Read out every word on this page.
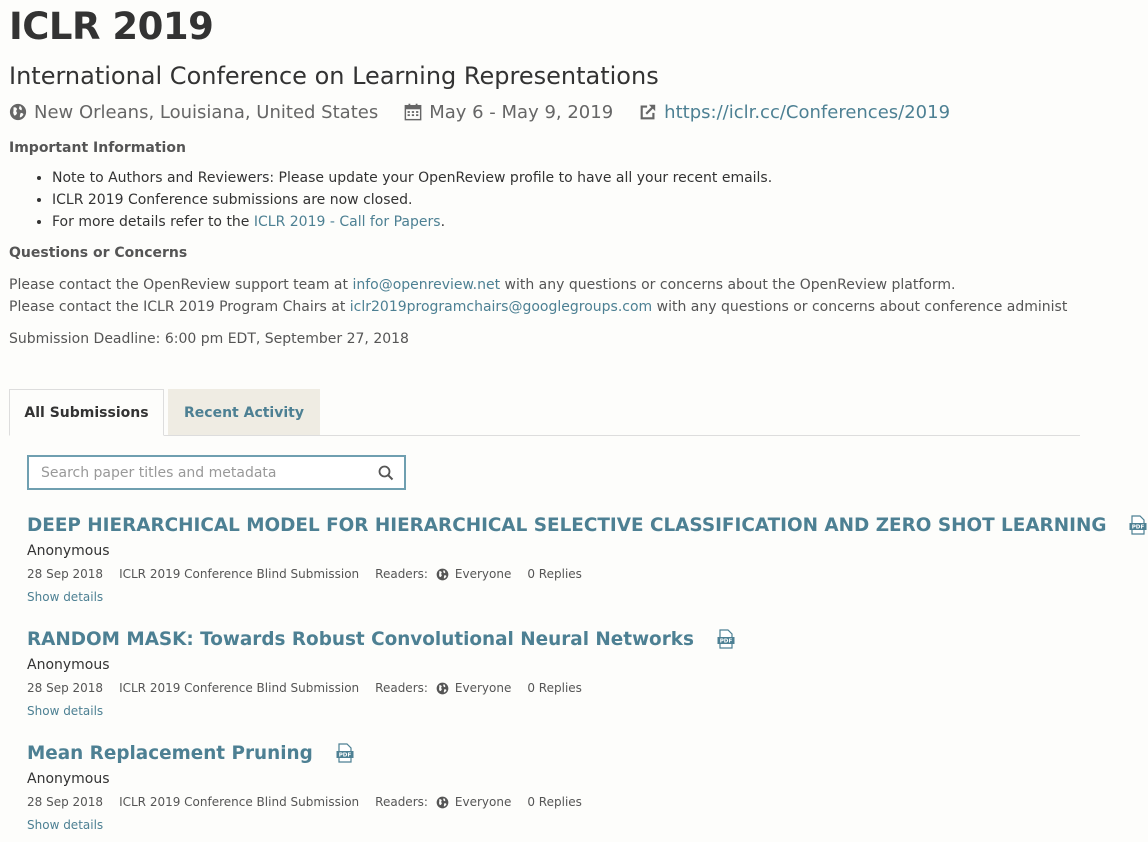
ICLR 2019
International Conference on Learning Representations
New Orleans, Louisiana, United States	May 6 - May 9, 2019	https://iclr.cc/Conferences/2019
Important Information
• Note to Authors and Reviewers: Please update your OpenReview profile to have all your recent emails.
• ICLR 2019 Conference submissions are now closed.
• For more details refer to the ICLR 2019 - Call for Papers.
Questions or Concerns
Please contact the OpenReview support team at info@openreview.net with any questions or concerns about the OpenReview platform.
Please contact the ICLR 2019 Program Chairs at iclr2019programchairs@googlegroups.com with any questions or concerns about conference administ
Submission Deadline: 6:00 pm EDT, September 27, 2018
All Submissions	Recent Activity
Search paper titles and metadata
DEEP HIERARCHICAL MODEL FOR HIERARCHICAL SELECTIVE CLASSIFICATION AND ZERO SHOT LEARNING	PDF
Anonymous
28 Sep 2018 ICLR 2019 Conference Blind Submission Readers: Everyone 0 Replies
Show details
RANDOM MASK: Towards Robust Convolutional Neural Networks	PDF
Anonymous
28 Sep 2018 ICLR 2019 Conference Blind Submission Readers: Everyone 0 Replies
Show details
Mean Replacement Pruning	PDF
Anonymous
28 Sep 2018 ICLR 2019 Conference Blind Submission Readers: Everyone 0 Replies
Show details
